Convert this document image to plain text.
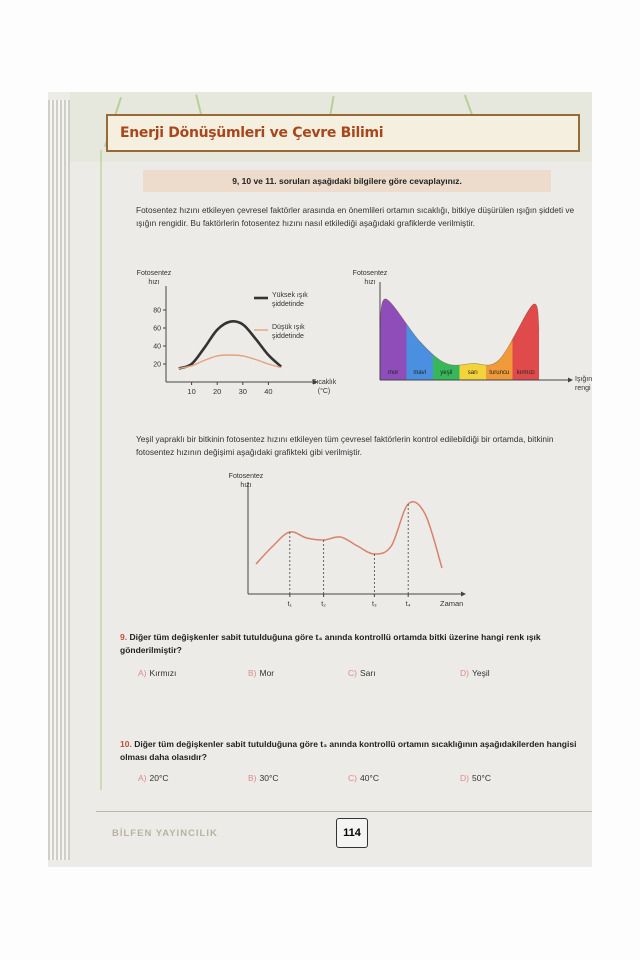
Enerji Dönüşümleri ve Çevre Bilimi
9, 10 ve 11. soruları aşağıdaki bilgilere göre cevaplayınız.
Fotosentez hızını etkileyen çevresel faktörler arasında en önemlileri ortamın sıcaklığı, bitkiye düşürülen ışığın şiddeti ve ışığın rengidir. Bu faktörlerin fotosentez hızını nasıl etkilediği aşağıdaki grafiklerde verilmiştir.
Fotosentez
hızı
20
40
60
80
10 20 30 40
Sıcaklık
(°C)
Yüksek ışık
şiddetinde
Düşük ışık
şiddetinde
Fotosentez
hızı
mor mavi yeşil	sarı turuncu kırmızı
Işığın
rengi
Yeşil yapraklı bir bitkinin fotosentez hızını etkileyen tüm çevresel faktörlerin kontrol edilebildiği bir ortamda, bitkinin fotosentez hızının değişimi aşağıdaki grafikteki gibi verilmiştir.
Fotosentez
hızı
t₁	t₂	t₃	t₄	Zaman
9. Diğer tüm değişkenler sabit tutulduğuna göre t₄ anında kontrollü ortamda bitki üzerine hangi renk ışık gönderilmiştir?
A) Kırmızı	B) Mor	C) Sarı	D) Yeşil
10. Diğer tüm değişkenler sabit tutulduğuna göre t₃ anında kontrollü ortamın sıcaklığının aşağıdakilerden hangisi olması daha olasıdır?
A) 20°C	B) 30°C	C) 40°C	D) 50°C
BİLFEN YAYINCILIK	114
